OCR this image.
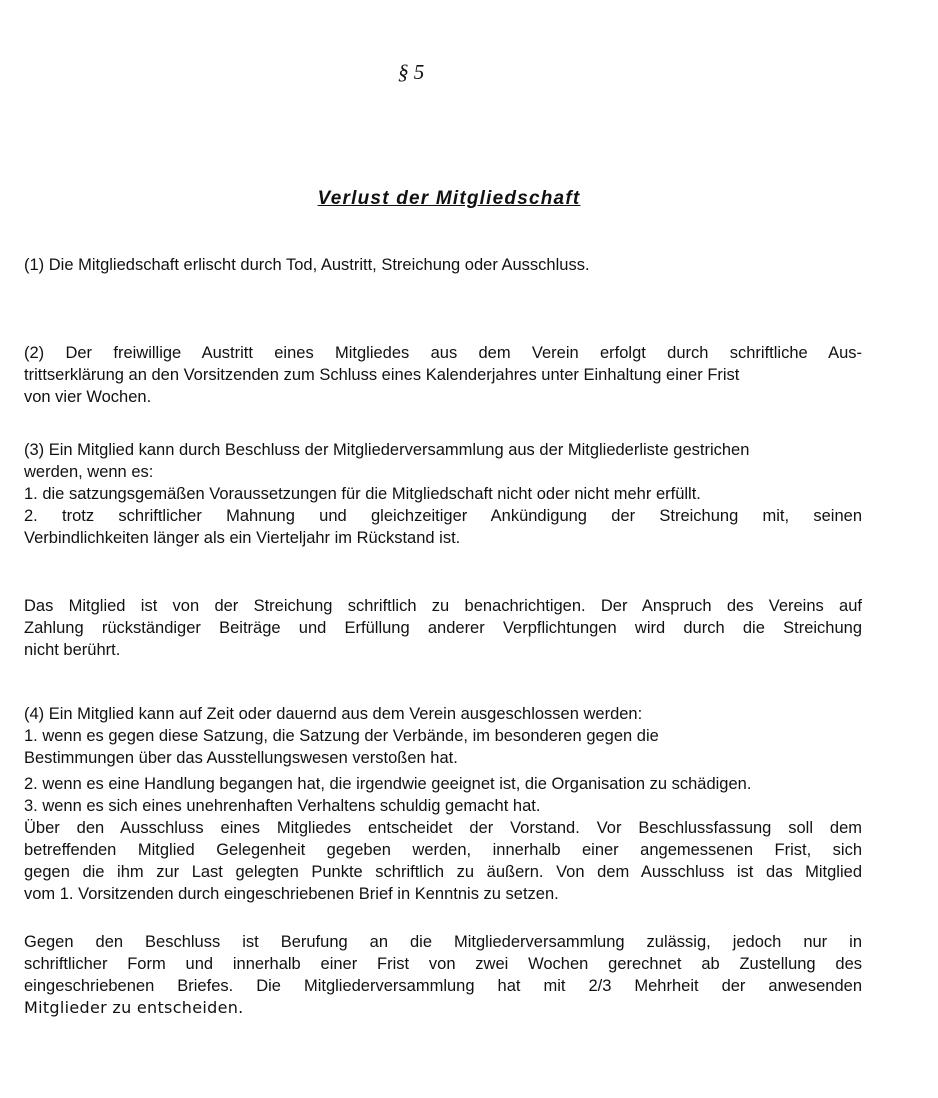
§ 5
Verlust der Mitgliedschaft
(1) Die Mitgliedschaft erlischt durch Tod, Austritt, Streichung oder Ausschluss.
(2) Der freiwillige Austritt eines Mitgliedes aus dem Verein erfolgt durch schriftliche Aus-
trittserklärung an den Vorsitzenden zum Schluss eines Kalenderjahres unter Einhaltung einer Frist
von vier Wochen.
(3) Ein Mitglied kann durch Beschluss der Mitgliederversammlung aus der Mitgliederliste gestrichen
werden, wenn es:
1. die satzungsgemäßen Voraussetzungen für die Mitgliedschaft nicht oder nicht mehr erfüllt.
2. trotz schriftlicher Mahnung und gleichzeitiger Ankündigung der Streichung mit, seinen
Verbindlichkeiten länger als ein Vierteljahr im Rückstand ist.
Das Mitglied ist von der Streichung schriftlich zu benachrichtigen. Der Anspruch des Vereins auf
Zahlung rückständiger Beiträge und Erfüllung anderer Verpflichtungen wird durch die Streichung
nicht berührt.
(4) Ein Mitglied kann auf Zeit oder dauernd aus dem Verein ausgeschlossen werden:
1. wenn es gegen diese Satzung, die Satzung der Verbände, im besonderen gegen die
Bestimmungen über das Ausstellungswesen verstoßen hat.
2. wenn es eine Handlung begangen hat, die irgendwie geeignet ist, die Organisation zu schädigen.
3. wenn es sich eines unehrenhaften Verhaltens schuldig gemacht hat.
Über den Ausschluss eines Mitgliedes entscheidet der Vorstand. Vor Beschlussfassung soll dem
betreffenden Mitglied Gelegenheit gegeben werden, innerhalb einer angemessenen Frist, sich
gegen die ihm zur Last gelegten Punkte schriftlich zu äußern. Von dem Ausschluss ist das Mitglied
vom 1. Vorsitzenden durch eingeschriebenen Brief in Kenntnis zu setzen.
Gegen den Beschluss ist Berufung an die Mitgliederversammlung zulässig, jedoch nur in
schriftlicher Form und innerhalb einer Frist von zwei Wochen gerechnet ab Zustellung des
eingeschriebenen Briefes. Die Mitgliederversammlung hat mit 2/3 Mehrheit der anwesenden
Mitglieder zu entscheiden.
